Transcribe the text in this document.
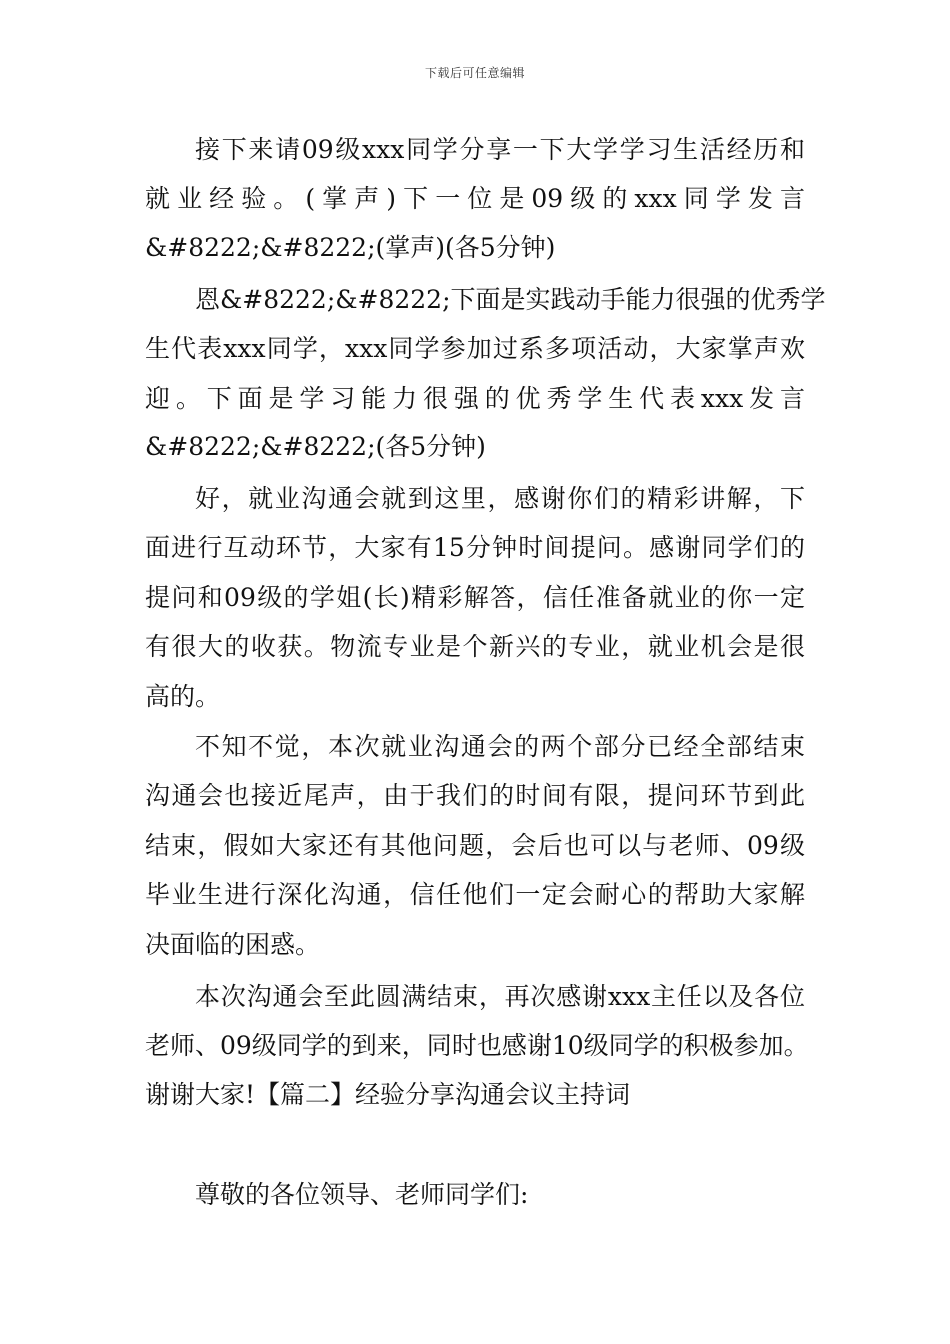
下载后可任意编辑
接下来请09级xxx同学分享一下大学学习生活经历和
就业经验。(掌声)下一位是09级的xxx同学发言
&#8222;&#8222;(掌声)(各5分钟)
恩&#8222;&#8222;下面是实践动手能力很强的优秀学
生代表xxx同学，xxx同学参加过系多项活动，大家掌声欢
迎。下面是学习能力很强的优秀学生代表xxx发言
&#8222;&#8222;(各5分钟)
好，就业沟通会就到这里，感谢你们的精彩讲解，下
面进行互动环节，大家有15分钟时间提问。感谢同学们的
提问和09级的学姐(长)精彩解答，信任准备就业的你一定
有很大的收获。物流专业是个新兴的专业，就业机会是很
高的。
不知不觉，本次就业沟通会的两个部分已经全部结束
沟通会也接近尾声，由于我们的时间有限，提问环节到此
结束，假如大家还有其他问题，会后也可以与老师、09级
毕业生进行深化沟通，信任他们一定会耐心的帮助大家解
决面临的困惑。
本次沟通会至此圆满结束，再次感谢xxx主任以及各位
老师、09级同学的到来，同时也感谢10级同学的积极参加。
谢谢大家!【篇二】经验分享沟通会议主持词
尊敬的各位领导、老师同学们:
